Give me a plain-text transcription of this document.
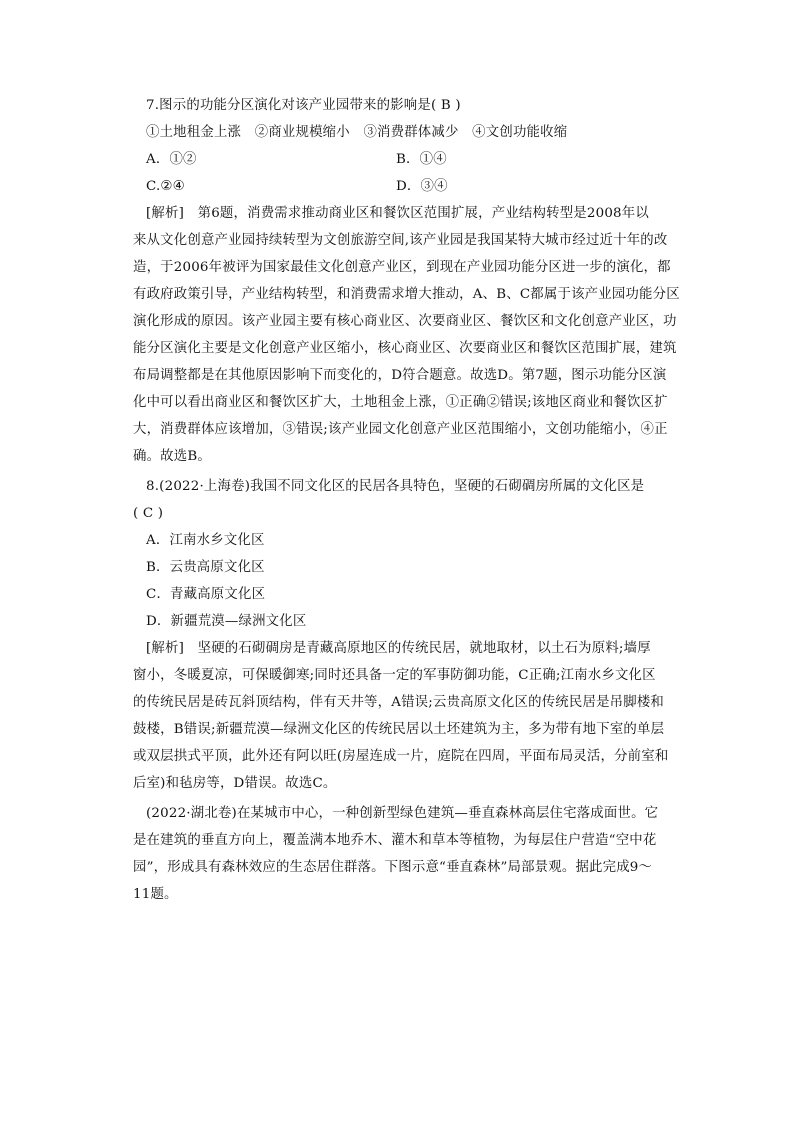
7.图示的功能分区演化对该产业园带来的影响是( B )
①土地租金上涨　②商业规模缩小　③消费群体减少　④文创功能收缩
A．①②	B．①④
C.②④	D．③④
[解析]　第6题，消费需求推动商业区和餐饮区范围扩展，产业结构转型是2008年以
来从文化创意产业园持续转型为文创旅游空间,该产业园是我国某特大城市经过近十年的改
造，于2006年被评为国家最佳文化创意产业区，到现在产业园功能分区进一步的演化，都
有政府政策引导，产业结构转型，和消费需求增大推动，A、B、C都属于该产业园功能分区
演化形成的原因。该产业园主要有核心商业区、次要商业区、餐饮区和文化创意产业区，功
能分区演化主要是文化创意产业区缩小，核心商业区、次要商业区和餐饮区范围扩展，建筑
布局调整都是在其他原因影响下而变化的，D符合题意。故选D。第7题，图示功能分区演
化中可以看出商业区和餐饮区扩大，土地租金上涨，①正确②错误;该地区商业和餐饮区扩
大，消费群体应该增加，③错误;该产业园文化创意产业区范围缩小，文创功能缩小，④正
确。故选B。
8.(2022·上海卷)我国不同文化区的民居各具特色，坚硬的石砌碉房所属的文化区是
( C )
A．江南水乡文化区
B．云贵高原文化区
C．青藏高原文化区
D．新疆荒漠—绿洲文化区
[解析]　坚硬的石砌碉房是青藏高原地区的传统民居，就地取材，以土石为原料;墙厚
窗小，冬暖夏凉，可保暖御寒;同时还具备一定的军事防御功能，C正确;江南水乡文化区
的传统民居是砖瓦斜顶结构，伴有天井等，A错误;云贵高原文化区的传统民居是吊脚楼和
鼓楼，B错误;新疆荒漠—绿洲文化区的传统民居以土坯建筑为主，多为带有地下室的单层
或双层拱式平顶，此外还有阿以旺(房屋连成一片，庭院在四周，平面布局灵活，分前室和
后室)和毡房等，D错误。故选C。
(2022·湖北卷)在某城市中心，一种创新型绿色建筑—垂直森林高层住宅落成面世。它
是在建筑的垂直方向上，覆盖满本地乔木、灌木和草本等植物，为每层住户营造“空中花
园”，形成具有森林效应的生态居住群落。下图示意“垂直森林”局部景观。据此完成9～
11题。
